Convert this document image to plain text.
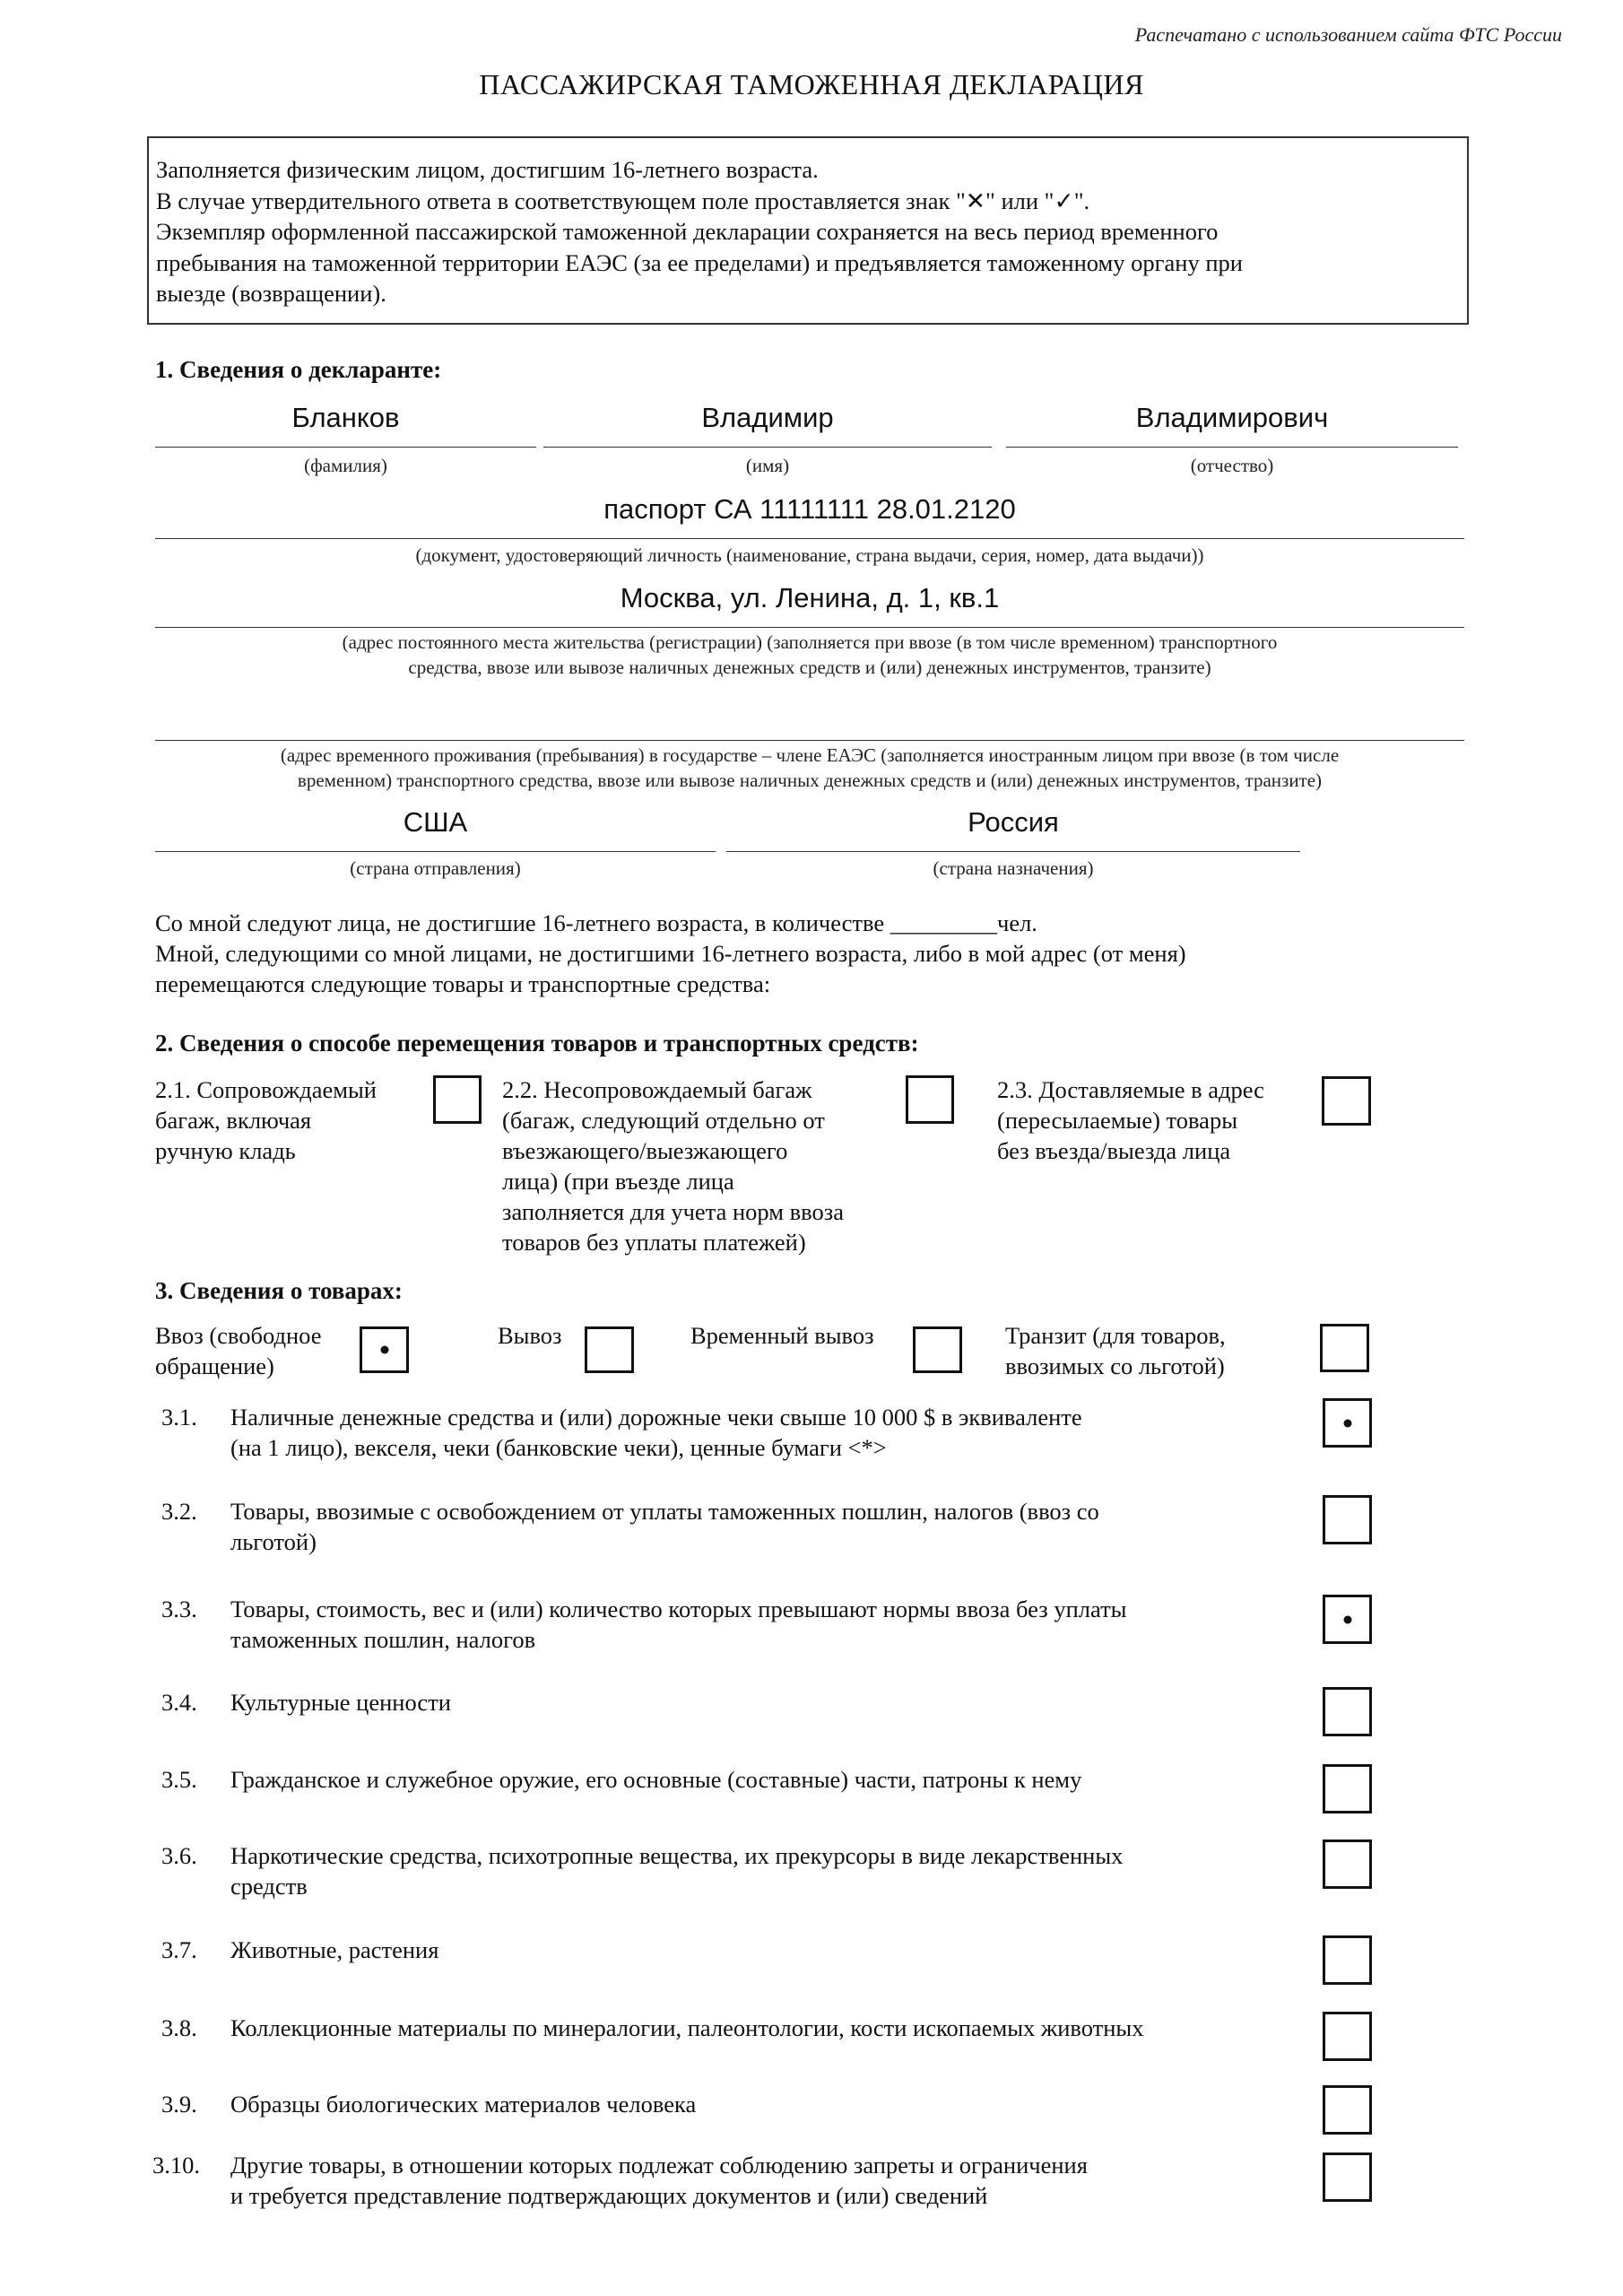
Распечатано с использованием сайта ФТС России
ПАССАЖИРСКАЯ ТАМОЖЕННАЯ ДЕКЛАРАЦИЯ
Заполняется физическим лицом, достигшим 16-летнего возраста.
В случае утвердительного ответа в соответствующем поле проставляется знак "✕" или "✓".
Экземпляр оформленной пассажирской таможенной декларации сохраняется на весь период временного
пребывания на таможенной территории ЕАЭС (за ее пределами) и предъявляется таможенному органу при
выезде (возвращении).
1. Сведения о декларанте:
Бланков
(фамилия)
Владимир
(имя)
Владимирович
(отчество)
паспорт СА 11111111 28.01.2120
(документ, удостоверяющий личность (наименование, страна выдачи, серия, номер, дата выдачи))
Москва, ул. Ленина, д. 1, кв.1
(адрес постоянного места жительства (регистрации) (заполняется при ввозе (в том числе временном) транспортного
средства, ввозе или вывозе наличных денежных средств и (или) денежных инструментов, транзите)
(адрес временного проживания (пребывания) в государстве – члене ЕАЭС (заполняется иностранным лицом при ввозе (в том числе
временном) транспортного средства, ввозе или вывозе наличных денежных средств и (или) денежных инструментов, транзите)
США
(страна отправления)
Россия
(страна назначения)
Со мной следуют лица, не достигшие 16-летнего возраста, в количестве _________чел.
Мной, следующими со мной лицами, не достигшими 16-летнего возраста, либо в мой адрес (от меня)
перемещаются следующие товары и транспортные средства:
2. Сведения о способе перемещения товаров и транспортных средств:
2.1. Сопровождаемый
багаж, включая
ручную кладь
2.2. Несопровождаемый багаж
(багаж, следующий отдельно от
въезжающего/выезжающего
лица) (при въезде лица
заполняется для учета норм ввоза
товаров без уплаты платежей)
2.3. Доставляемые в адрес
(пересылаемые) товары
без въезда/выезда лица
3. Сведения о товарах:
Ввоз (свободное
обращение)
Вывоз	Временный вывоз	Транзит (для товаров,
ввозимых со льготой)
3.1. Наличные денежные средства и (или) дорожные чеки свыше 10 000 $ в эквиваленте
(на 1 лицо), векселя, чеки (банковские чеки), ценные бумаги <*>
3.2. Товары, ввозимые с освобождением от уплаты таможенных пошлин, налогов (ввоз со
льготой)
3.3. Товары, стоимость, вес и (или) количество которых превышают нормы ввоза без уплаты
таможенных пошлин, налогов
3.4. Культурные ценности
3.5. Гражданское и служебное оружие, его основные (составные) части, патроны к нему
3.6. Наркотические средства, психотропные вещества, их прекурсоры в виде лекарственных
средств
3.7. Животные, растения
3.8. Коллекционные материалы по минералогии, палеонтологии, кости ископаемых животных
3.9. Образцы биологических материалов человека
3.10. Другие товары, в отношении которых подлежат соблюдению запреты и ограничения
и требуется представление подтверждающих документов и (или) сведений
